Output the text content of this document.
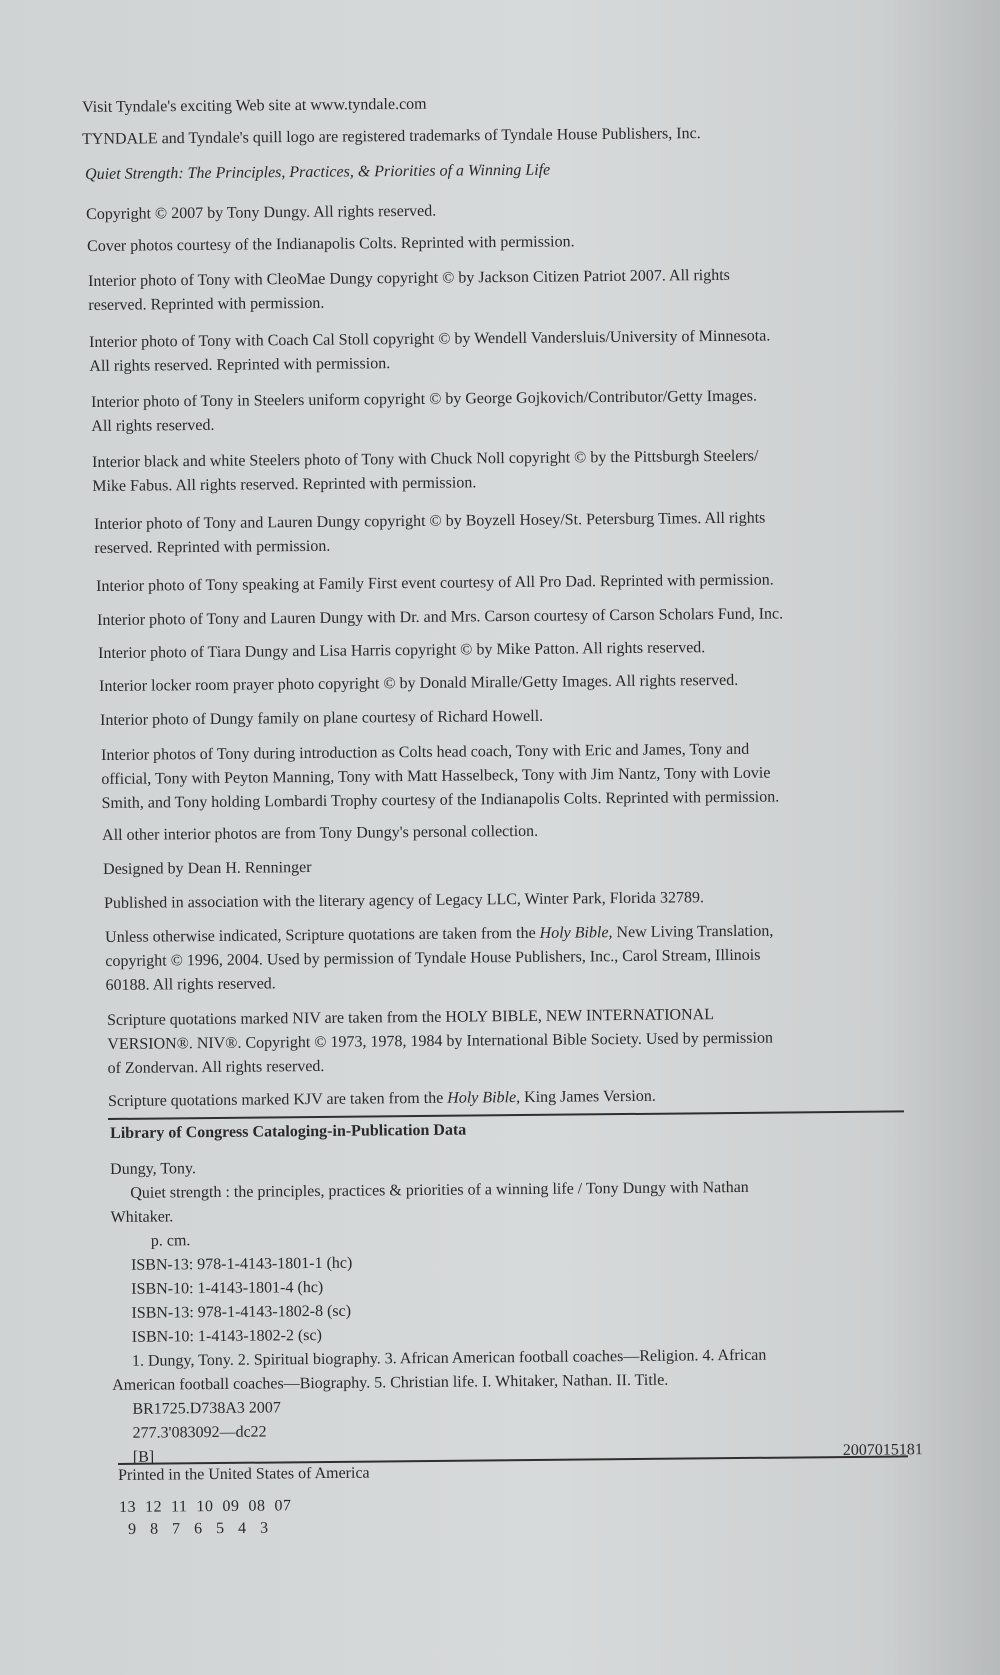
Visit Tyndale's exciting Web site at www.tyndale.com
TYNDALE and Tyndale's quill logo are registered trademarks of Tyndale House Publishers, Inc.
Quiet Strength: The Principles, Practices, & Priorities of a Winning Life
Copyright © 2007 by Tony Dungy. All rights reserved.
Cover photos courtesy of the Indianapolis Colts. Reprinted with permission.
Interior photo of Tony with CleoMae Dungy copyright © by Jackson Citizen Patriot 2007. All rights
reserved. Reprinted with permission.
Interior photo of Tony with Coach Cal Stoll copyright © by Wendell Vandersluis/University of Minnesota.
All rights reserved. Reprinted with permission.
Interior photo of Tony in Steelers uniform copyright © by George Gojkovich/Contributor/Getty Images.
All rights reserved.
Interior black and white Steelers photo of Tony with Chuck Noll copyright © by the Pittsburgh Steelers/
Mike Fabus. All rights reserved. Reprinted with permission.
Interior photo of Tony and Lauren Dungy copyright © by Boyzell Hosey/St. Petersburg Times. All rights
reserved. Reprinted with permission.
Interior photo of Tony speaking at Family First event courtesy of All Pro Dad. Reprinted with permission.
Interior photo of Tony and Lauren Dungy with Dr. and Mrs. Carson courtesy of Carson Scholars Fund, Inc.
Interior photo of Tiara Dungy and Lisa Harris copyright © by Mike Patton. All rights reserved.
Interior locker room prayer photo copyright © by Donald Miralle/Getty Images. All rights reserved.
Interior photo of Dungy family on plane courtesy of Richard Howell.
Interior photos of Tony during introduction as Colts head coach, Tony with Eric and James, Tony and
official, Tony with Peyton Manning, Tony with Matt Hasselbeck, Tony with Jim Nantz, Tony with Lovie
Smith, and Tony holding Lombardi Trophy courtesy of the Indianapolis Colts. Reprinted with permission.
All other interior photos are from Tony Dungy's personal collection.
Designed by Dean H. Renninger
Published in association with the literary agency of Legacy LLC, Winter Park, Florida 32789.
Unless otherwise indicated, Scripture quotations are taken from the Holy Bible, New Living Translation,
copyright © 1996, 2004. Used by permission of Tyndale House Publishers, Inc., Carol Stream, Illinois
60188. All rights reserved.
Scripture quotations marked NIV are taken from the HOLY BIBLE, NEW INTERNATIONAL
VERSION®. NIV®. Copyright © 1973, 1978, 1984 by International Bible Society. Used by permission
of Zondervan. All rights reserved.
Scripture quotations marked KJV are taken from the Holy Bible, King James Version.
Library of Congress Cataloging-in-Publication Data
Dungy, Tony.
Quiet strength : the principles, practices & priorities of a winning life / Tony Dungy with Nathan
Whitaker.
p. cm.
ISBN-13: 978-1-4143-1801-1 (hc)
ISBN-10: 1-4143-1801-4 (hc)
ISBN-13: 978-1-4143-1802-8 (sc)
ISBN-10: 1-4143-1802-2 (sc)
1. Dungy, Tony. 2. Spiritual biography. 3. African American football coaches—Religion. 4. African
American football coaches—Biography. 5. Christian life. I. Whitaker, Nathan. II. Title.
BR1725.D738A3 2007
277.3'083092—dc22
[B]	2007015181
Printed in the United States of America
13  12  11  10  09  08  07
9   8   7   6   5   4   3
